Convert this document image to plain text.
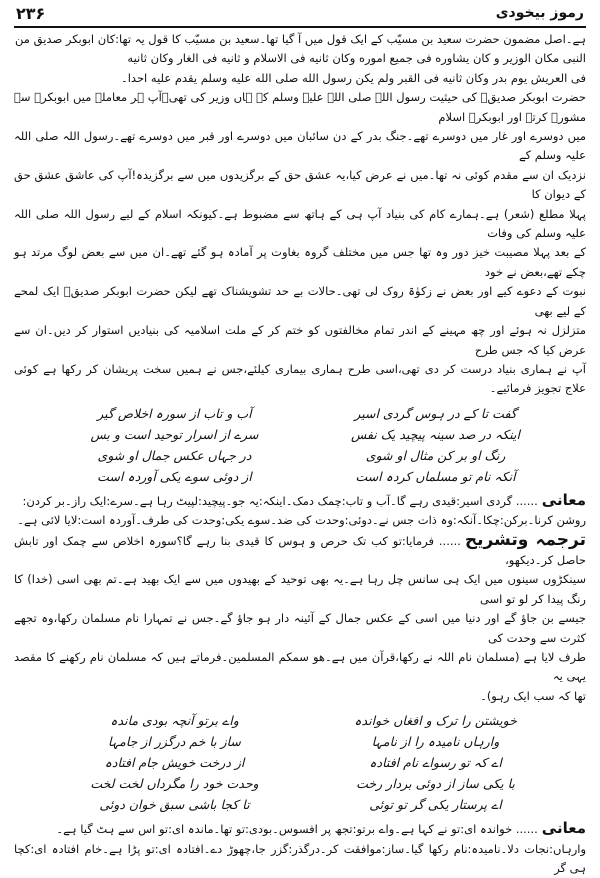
۲۳۶	رموز بیخودی

ہے۔اصل مضمون حضرت سعید بن مسیّب کے ایک قول میں آ گیا تھا۔سعید بن مسیّب کا قول یہ تھا:كان ابوبكر صديق من

النبى مكان الوزير و كان يشاوره فى جميع اموره وكان ثانيه فى الاسلام و ثانيه فى الغار وكان ثانيه

فى العريش يوم بدر وكان ثانيه فى القبر ولم يكن رسول الله صلى الله عليه وسلم يقدم عليه احدا۔

حضرت ابوبکر صدیقؓ کی حیثیت رسول اللہ صلی اللہ علیہ وسلم کے ہاں وزیر کی تھی۔آپ ہر معاملے میں ابوبکرؓ سے مشورہ کرتے اور ابوبکرؓ اسلام

میں دوسرے اور غار میں دوسرے تھے۔جنگ بدر کے دن سائبان میں دوسرے اور قبر میں دوسرے تھے۔رسول اللہ صلی اللہ علیہ وسلم کے

نزدیک ان سے مقدم کوئی نہ تھا۔میں نے عرض کیا،یہ عشق حق کے برگزیدوں میں سے برگزیدہ!آپ کی عاشق عشق حق کے دیوان کا

پہلا مطلع (شعر) ہے۔ہمارے کام کی بنیاد آپ ہی کے ہاتھ سے مضبوط ہے۔کیونکہ اسلام کے لیے رسول اللہ صلی اللہ علیہ وسلم کی وفات

کے بعد پہلا مصیبت خیز دور وہ تھا جس میں مختلف گروہ بغاوت پر آمادہ ہو گئے تھے۔ان میں سے بعض لوگ مرتد ہو چکے تھے،بعض نے خود

نبوت کے دعوے کیے اور بعض نے زکوٰۃ روک لی تھی۔حالات بے حد تشویشناک تھے لیکن حضرت ابوبکر صدیقؓ ایک لمحے کے لیے بھی

متزلزل نہ ہوئے اور چھ مہینے کے اندر تمام مخالفتوں کو ختم کر کے ملت اسلامیہ کی بنیادیں استوار کر دیں۔ان سے عرض کیا کہ جس طرح

آپ نے ہماری بنیاد درست کر دی تھی،اسی طرح ہماری بیماری کیلئے،جس نے ہمیں سخت پریشان کر رکھا ہے کوئی علاج تجویز فرمائیے۔

گفت تا کے در ہوس گردی اسیر
آب و تاب از سورہ اخلاص گیر
اینکہ در صد سینہ پیچید یک نفس
سرے از اسرار توحید است و بس
رنگ او بر کن مثال او شوی
در جہاں عکس جمال او شوی
آنکہ نام تو مسلماں کردہ است
از دوئی سوے یکی آوردہ است

معانی...... گردی اسیر:قیدی رہے گا۔آب و تاب:چمک دمک۔اینکہ:یہ جو۔پیچید:لپیٹ رہا ہے۔سرے:ایک راز۔بر کردن:

روشن کرنا۔برکن:چکا۔آنکہ:وہ ذات جس نے۔دوئی:وحدت کی ضد۔سوے یکی:وحدت کی طرف۔آوردہ است:لایا لائی ہے۔

ترجمہ وتشریح...... فرمایا:تو کب تک حرص و ہوس کا قیدی بنا رہے گا؟سورہ اخلاص سے چمک اور تابش حاصل کر۔دیکھو،

سینکڑوں سینوں میں ایک ہی سانس چل رہا ہے۔یہ بھی توحید کے بھیدوں میں سے ایک بھید ہے۔تم بھی اسی (خدا) کا رنگ پیدا کر لو تو اسی

جیسے بن جاؤ گے اور دنیا میں اسی کے عکس جمال کے آئینہ دار ہو جاؤ گے۔جس نے تمہارا نام مسلمان رکھا،وہ تجھے کثرت سے وحدت کی

طرف لایا ہے (مسلمان نام اللہ نے رکھا،قرآن میں ہے۔هو سمكم المسلمين۔فرماتے ہیں کہ مسلمان نام رکھنے کا مقصد یہی یہ

تھا کہ سب ایک رہو)۔

خویشتن را ترک و افغاں خواندہ
واے برتو آنچہ بودی ماندہ
وارہاں نامیدہ را از نامہا
ساز با خم درگزر از جامہا
اے کہ تو رسواے نام افتادہ
از درخت خویش جام افتادہ
با یکی ساز از دوئی بردار رخت
وحدت خود را مگرداں لخت لخت
اے پرستار یکی گر تو توئی
تا کجا باشی سبق خوان دوئی

معانی...... خواندہ ای:تو نے کہا ہے۔واے برتو:تجھ پر افسوس۔بودی:تو تھا۔ماندہ ای:تو اس سے ہٹ گیا ہے۔

وارہاں:نجات دلا۔نامیدہ:نام رکھا گیا۔ساز:موافقت کر۔درگذر:گزر جا،چھوڑ دے۔افتادہ ای:تو پڑا ہے۔خام افتادہ ای:کچا ہی گر
